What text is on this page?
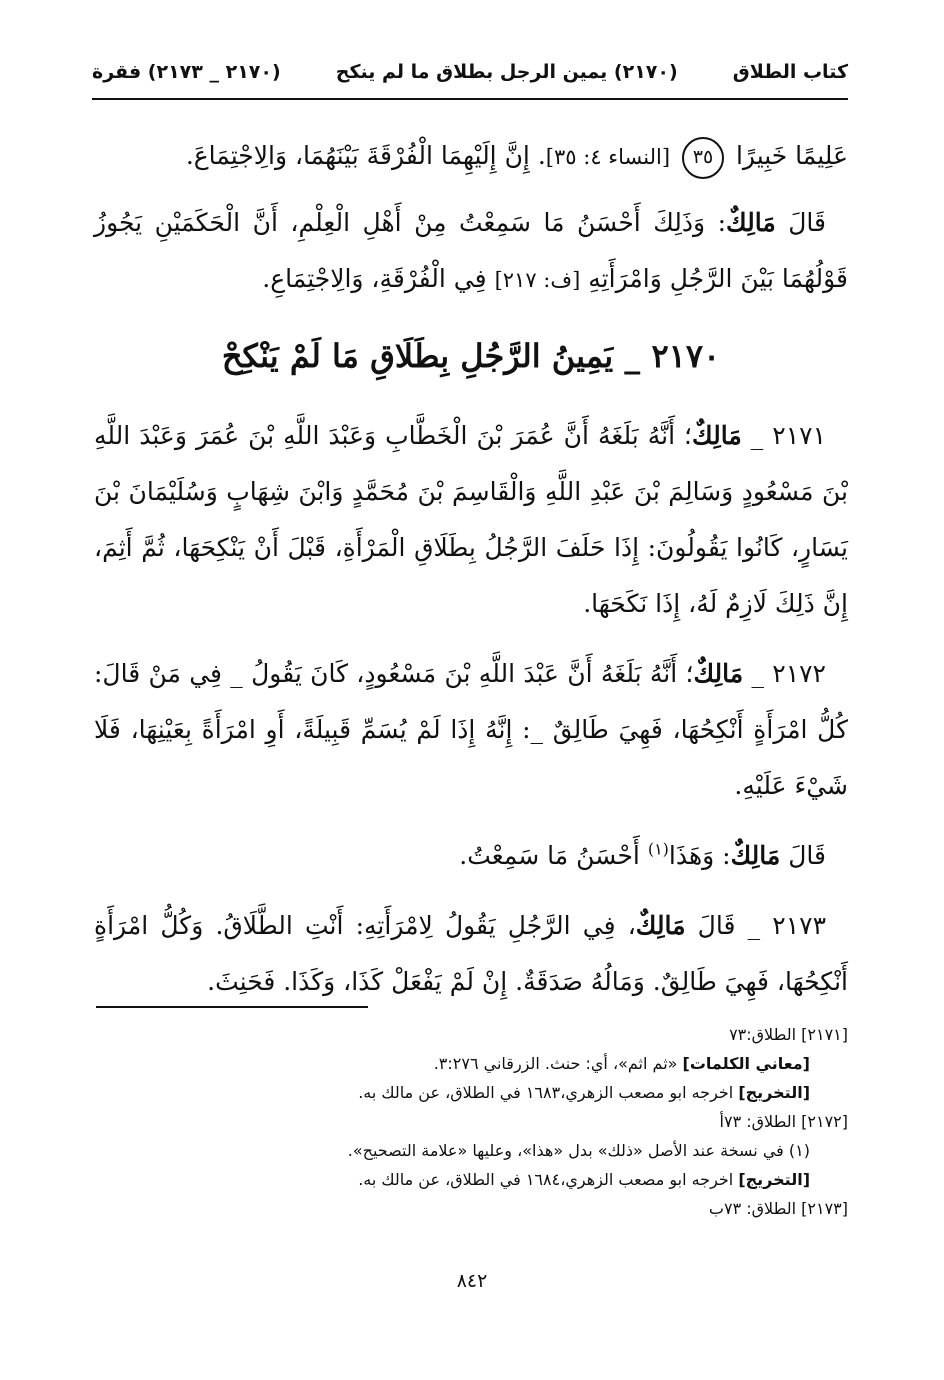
كتاب الطلاق
(٢١٧٠) يمين الرجل بطلاق ما لم ينكح
(٢١٧٠ _ ٢١٧٣) فقرة

عَلِيمًا خَبِيرًا ٣٥ [النساء ٤: ٣٥]. إِنَّ إِلَيْهِمَا الْفُرْقَةَ بَيْنَهُمَا، وَالِاجْتِمَاعَ.

قَالَ مَالِكٌ: وَذَلِكَ أَحْسَنُ مَا سَمِعْتُ مِنْ أَهْلِ الْعِلْمِ، أَنَّ الْحَكَمَيْنِ يَجُوزُ قَوْلُهُمَا بَيْنَ الرَّجُلِ وَامْرَأَتِهِ [ف: ٢١٧] فِي الْفُرْقَةِ، وَالِاجْتِمَاعِ.

٢١٧٠ _ يَمِينُ الرَّجُلِ بِطَلَاقِ مَا لَمْ يَنْكِحْ

٢١٧١ _ مَالِكٌ؛ أَنَّهُ بَلَغَهُ أَنَّ عُمَرَ بْنَ الْخَطَّابِ وَعَبْدَ اللَّهِ بْنَ عُمَرَ وَعَبْدَ اللَّهِ بْنَ مَسْعُودٍ وَسَالِمَ بْنَ عَبْدِ اللَّهِ وَالْقَاسِمَ بْنَ مُحَمَّدٍ وَابْنَ شِهَابٍ وَسُلَيْمَانَ بْنَ يَسَارٍ، كَانُوا يَقُولُونَ: إِذَا حَلَفَ الرَّجُلُ بِطَلَاقِ الْمَرْأَةِ، قَبْلَ أَنْ يَنْكِحَهَا، ثُمَّ أَثِمَ، إِنَّ ذَلِكَ لَازِمٌ لَهُ، إِذَا نَكَحَهَا.

٢١٧٢ _ مَالِكٌ؛ أَنَّهُ بَلَغَهُ أَنَّ عَبْدَ اللَّهِ بْنَ مَسْعُودٍ، كَانَ يَقُولُ _ فِي مَنْ قَالَ: كُلُّ امْرَأَةٍ أَنْكِحُهَا، فَهِيَ طَالِقٌ _: إِنَّهُ إِذَا لَمْ يُسَمِّ قَبِيلَةً، أَوِ امْرَأَةً بِعَيْنِهَا، فَلَا شَيْءَ عَلَيْهِ.

قَالَ مَالِكٌ: وَهَذَا$^{(١)}$ أَحْسَنُ مَا سَمِعْتُ.

٢١٧٣ _ قَالَ مَالِكٌ، فِي الرَّجُلِ يَقُولُ لِامْرَأَتِهِ: أَنْتِ الطَّلَاقُ. وَكُلُّ امْرَأَةٍ أَنْكِحُهَا، فَهِيَ طَالِقٌ. وَمَالُهُ صَدَقَةٌ. إِنْ لَمْ يَفْعَلْ كَذَا، وَكَذَا. فَحَنِثَ.

[٢١٧١] الطلاق:٧٣
[معاني الكلمات] «ثم اثم»، أي: حنث. الزرقاني ٣:٢٧٦.
[التخريج] اخرجه ابو مصعب الزهري،١٦٨٣ في الطلاق، عن مالك به.
[٢١٧٢] الطلاق: ٧٣أ
(١) في نسخة عند الأصل «ذلك» بدل «هذا»، وعليها «علامة التصحيح».
[التخريج] اخرجه ابو مصعب الزهري،١٦٨٤ في الطلاق، عن مالك به.
[٢١٧٣] الطلاق: ٧٣ب
٨٤٢
